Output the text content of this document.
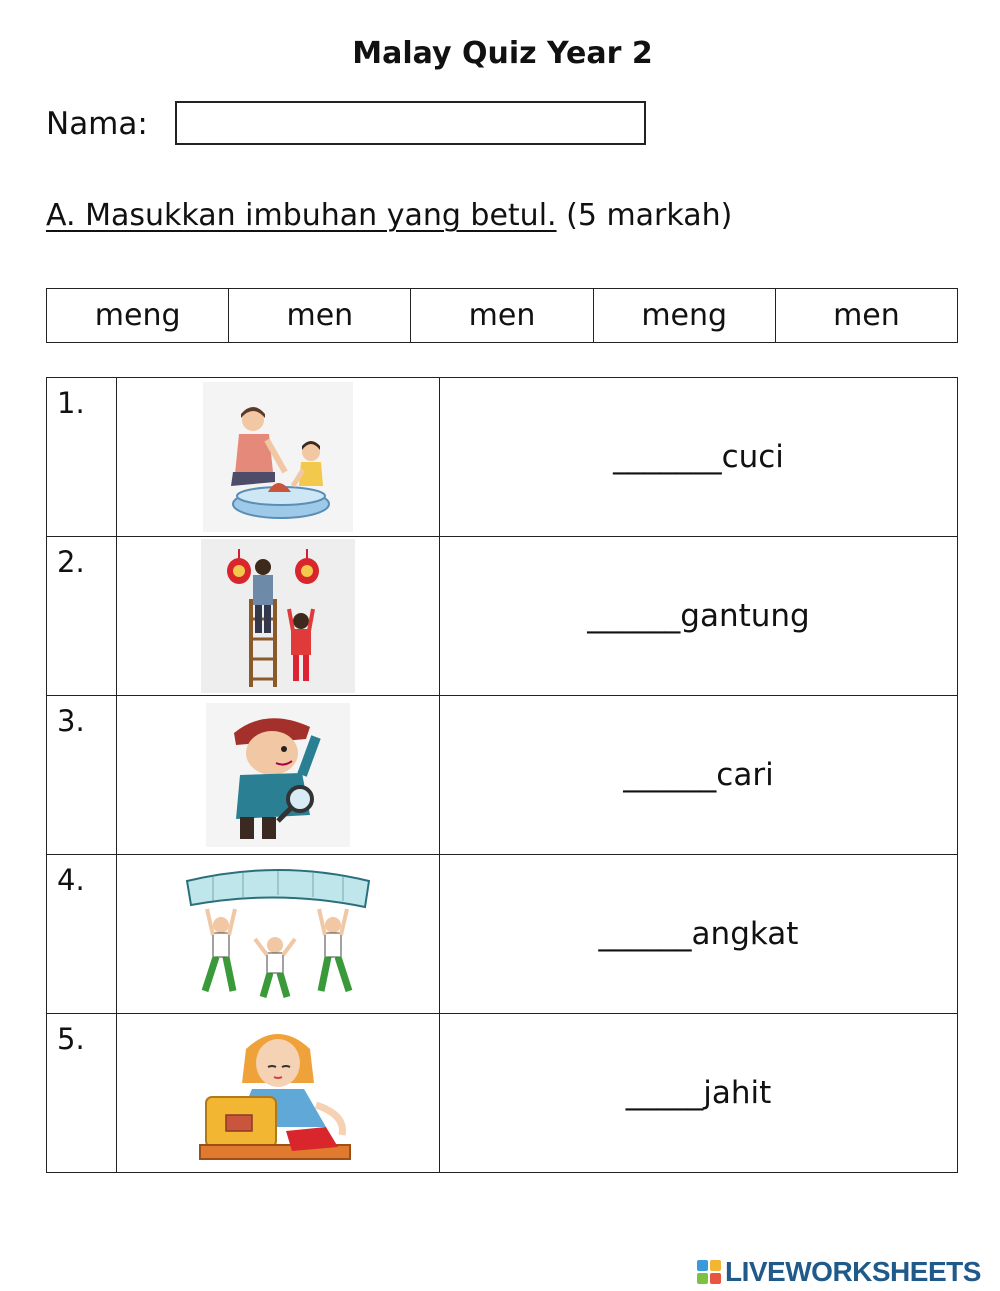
Malay Quiz Year 2
Nama:
A. Masukkan imbuhan yang betul. (5 markah)
meng	men	men	meng	men
1.		_______cuci
2.		______gantung
3.		______cari
4.		______angkat
5.		_____jahit
LIVEWORKSHEETS
